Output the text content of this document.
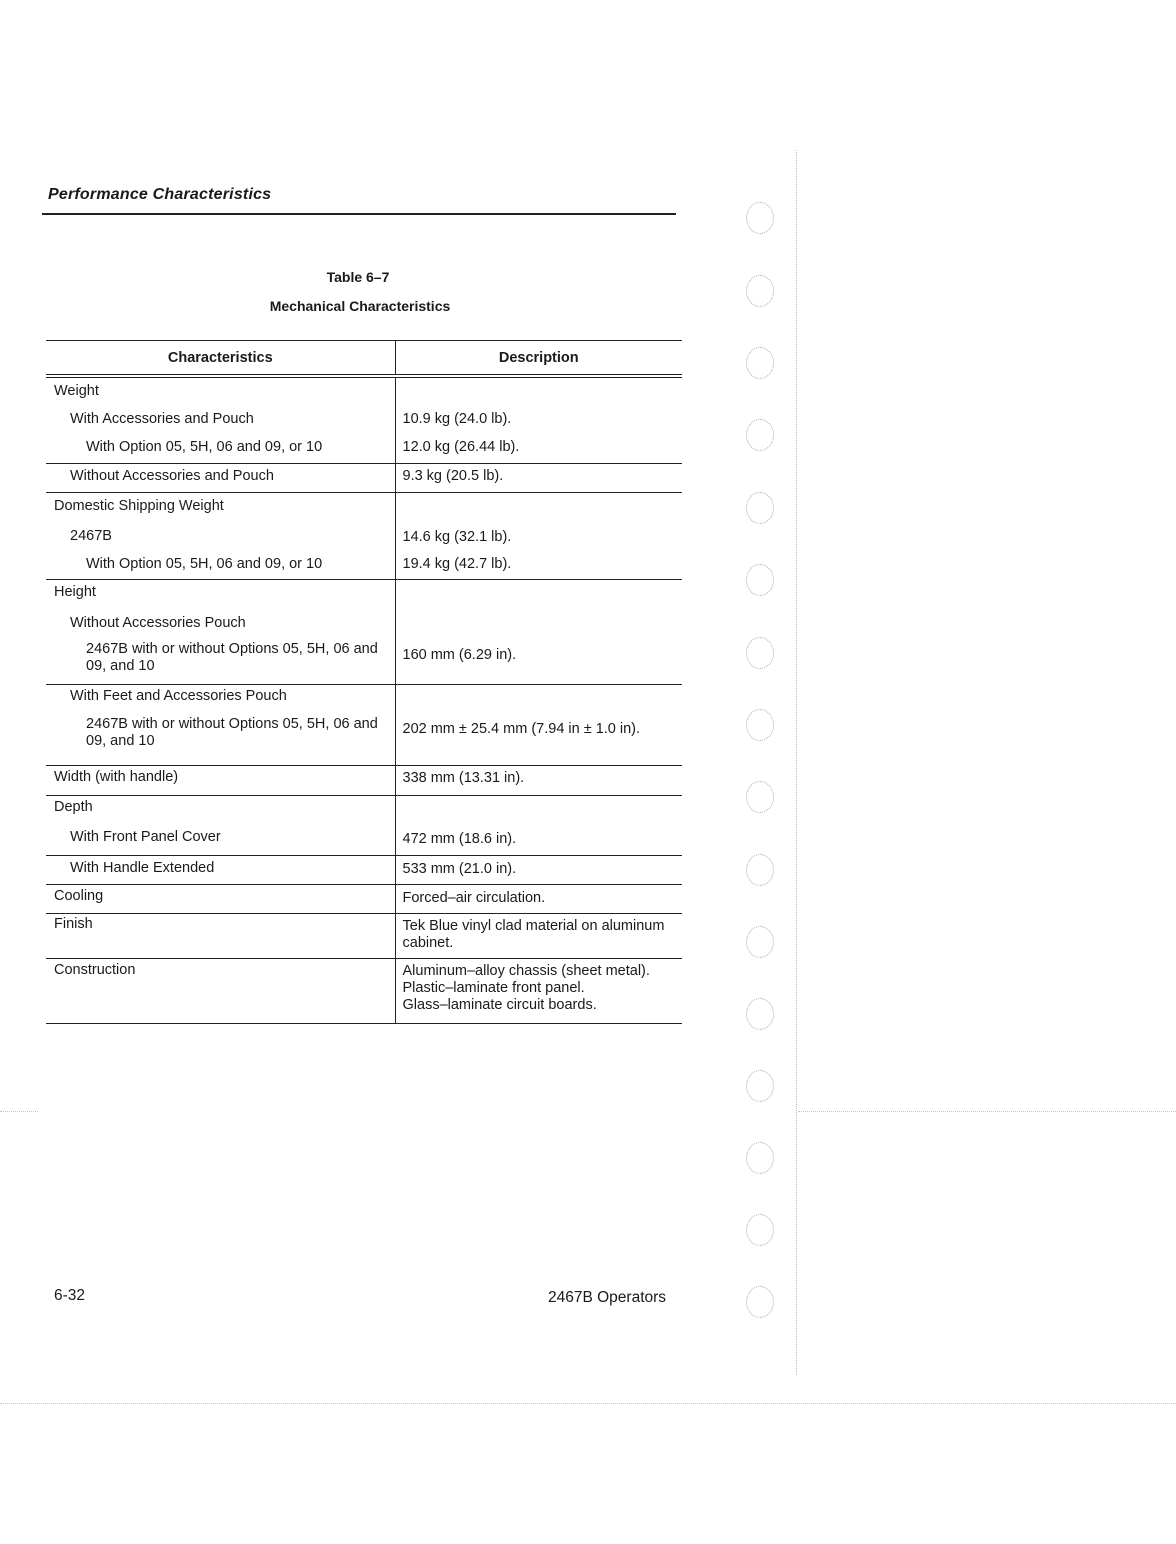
Performance Characteristics
Table 6–7
Mechanical Characteristics
Characteristics	Description
Weight	
With Accessories and Pouch	10.9 kg (24.0 lb).
With Option 05, 5H, 06 and 09, or 10	12.0 kg (26.44 lb).
Without Accessories and Pouch	9.3 kg (20.5 lb).
Domestic Shipping Weight	
2467B	14.6 kg (32.1 lb).
With Option 05, 5H, 06 and 09, or 10	19.4 kg (42.7 lb).
Height	
Without Accessories Pouch	
2467B with or without Options 05, 5H, 06 and 09, and 10	160 mm (6.29 in).
With Feet and Accessories Pouch	
2467B with or without Options 05, 5H, 06 and 09, and 10	202 mm ± 25.4 mm (7.94 in ± 1.0 in).
Width (with handle)	338 mm (13.31 in).
Depth	
With Front Panel Cover	472 mm (18.6 in).
With Handle Extended	533 mm (21.0 in).
Cooling	Forced–air circulation.
Finish	Tek Blue vinyl clad material on aluminum cabinet.
Construction	Aluminum–alloy chassis (sheet metal).
Plastic–laminate front panel.
Glass–laminate circuit boards.
6-32	2467B Operators
